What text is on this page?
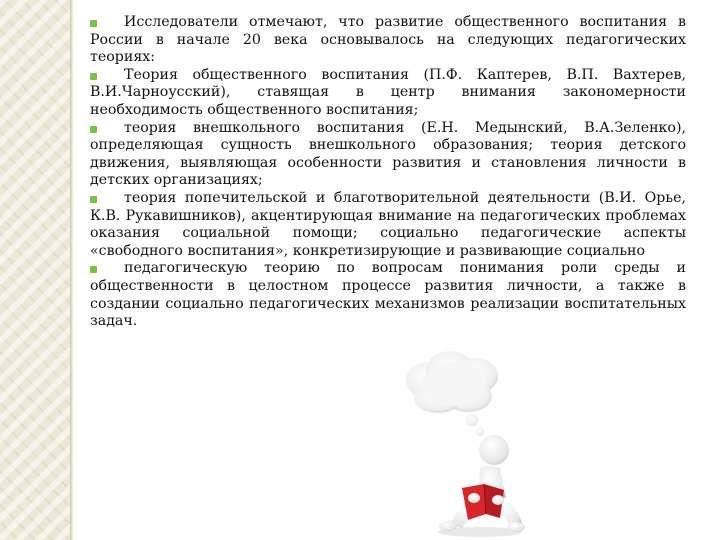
Исследователи отмечают, что развитие общественного воспитания в России в начале 20 века основывалось на следующих педагогических теориях:

Теория общественного воспитания (П.Ф. Каптерев, В.П. Вахтерев, В.И.Чарноусский), ставящая в центр внимания закономерности необходимость общественного воспитания;

теория внешкольного воспитания (Е.Н. Медынский, В.А.Зеленко), определяющая сущность внешкольного образования; теория детского движения, выявляющая особенности развития и становления личности в детских организациях;

теория попечительской и благотворительной деятельности (В.И. Орье, К.В. Рукавишников), акцентирующая внимание на педагогических проблемах оказания социальной помощи; социально педагогические аспекты «свободного воспитания», конкретизирующие и развивающие социально

педагогическую теорию по вопросам понимания роли среды и общественности в целостном процессе развития личности, а также в создании социально педагогических механизмов реализации воспитательных задач.
